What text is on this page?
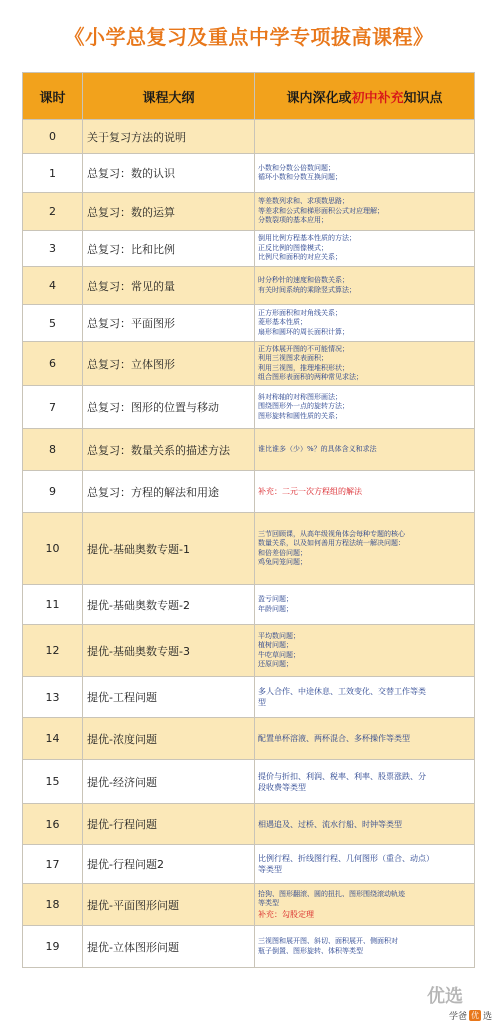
《小学总复习及重点中学专项拔高课程》
课时	课程大纲	课内深化或初中补充知识点
0	关于复习方法的说明	
1	总复习：数的认识	小数和分数公倍数问题；
循环小数和分数互换问题；

2	总复习：数的运算	等差数列求和、求项数思路；
等差求和公式和梯形面积公式对应理解；
分数裂项的基本应用；

3	总复习：比和比例	倒用比例方程基本性质的方法；
正反比例的图像模式；
比例尺和面积的对应关系；

4	总复习：常见的量	时分秒针的速度和倍数关系；
有关时间系统的乘除竖式算法；

5	总复习：平面图形	正方形面积和对角线关系；
菱形基本性质；
扇形和圆环的周长面积计算；

6	总复习：立体图形	正方体展开图的不可能情况；
利用三视图求表面积；
利用三视图，推理堆积形状；
组合图形表面积的两种常见求法；

7	总复习：图形的位置与移动	斜对称轴的对称图形画法；
围绕图形外一点的旋转方法；
图形旋转和圆性质的关系；

8	总复习：数量关系的描述方法	谁比谁多（少）%？的具体含义和求法

9	总复习：方程的解法和用途	补充：二元一次方程组的解法

10	提优-基础奥数专题-1	三节回顾课，从高年级视角体会每种专题的核心
数量关系，以及如何善用方程法统一解决问题：
和倍差倍问题；
鸡兔同笼问题；

11	提优-基础奥数专题-2	盈亏问题；
年龄问题；

12	提优-基础奥数专题-3	平均数问题；
植树问题；
牛吃草问题；
还原问题；

13	提优-工程问题	多人合作、中途休息、工效变化、交替工作等类
型

14	提优-浓度问题	配置单杯溶液、两杯混合、多杯操作等类型

15	提优-经济问题	提价与折扣、利润、税率、利率、股票涨跌、分
段收费等类型

16	提优-行程问题	相遇追及、过桥、流水行船、时钟等类型

17	提优-行程问题2	比例行程、折线图行程、几何图形（重合、动点）
等类型

18	提优-平面图形问题	拾狗、图形翻滚、圆的扭扎、图形围绕滚动轨迹
等类型
补充：勾股定理

19	提优-立体图形问题	三视图和展开图、斜切、面积展开、侧面积对
瓶子倒置、图形旋转、体积等类型
优选
学爸 优 选
